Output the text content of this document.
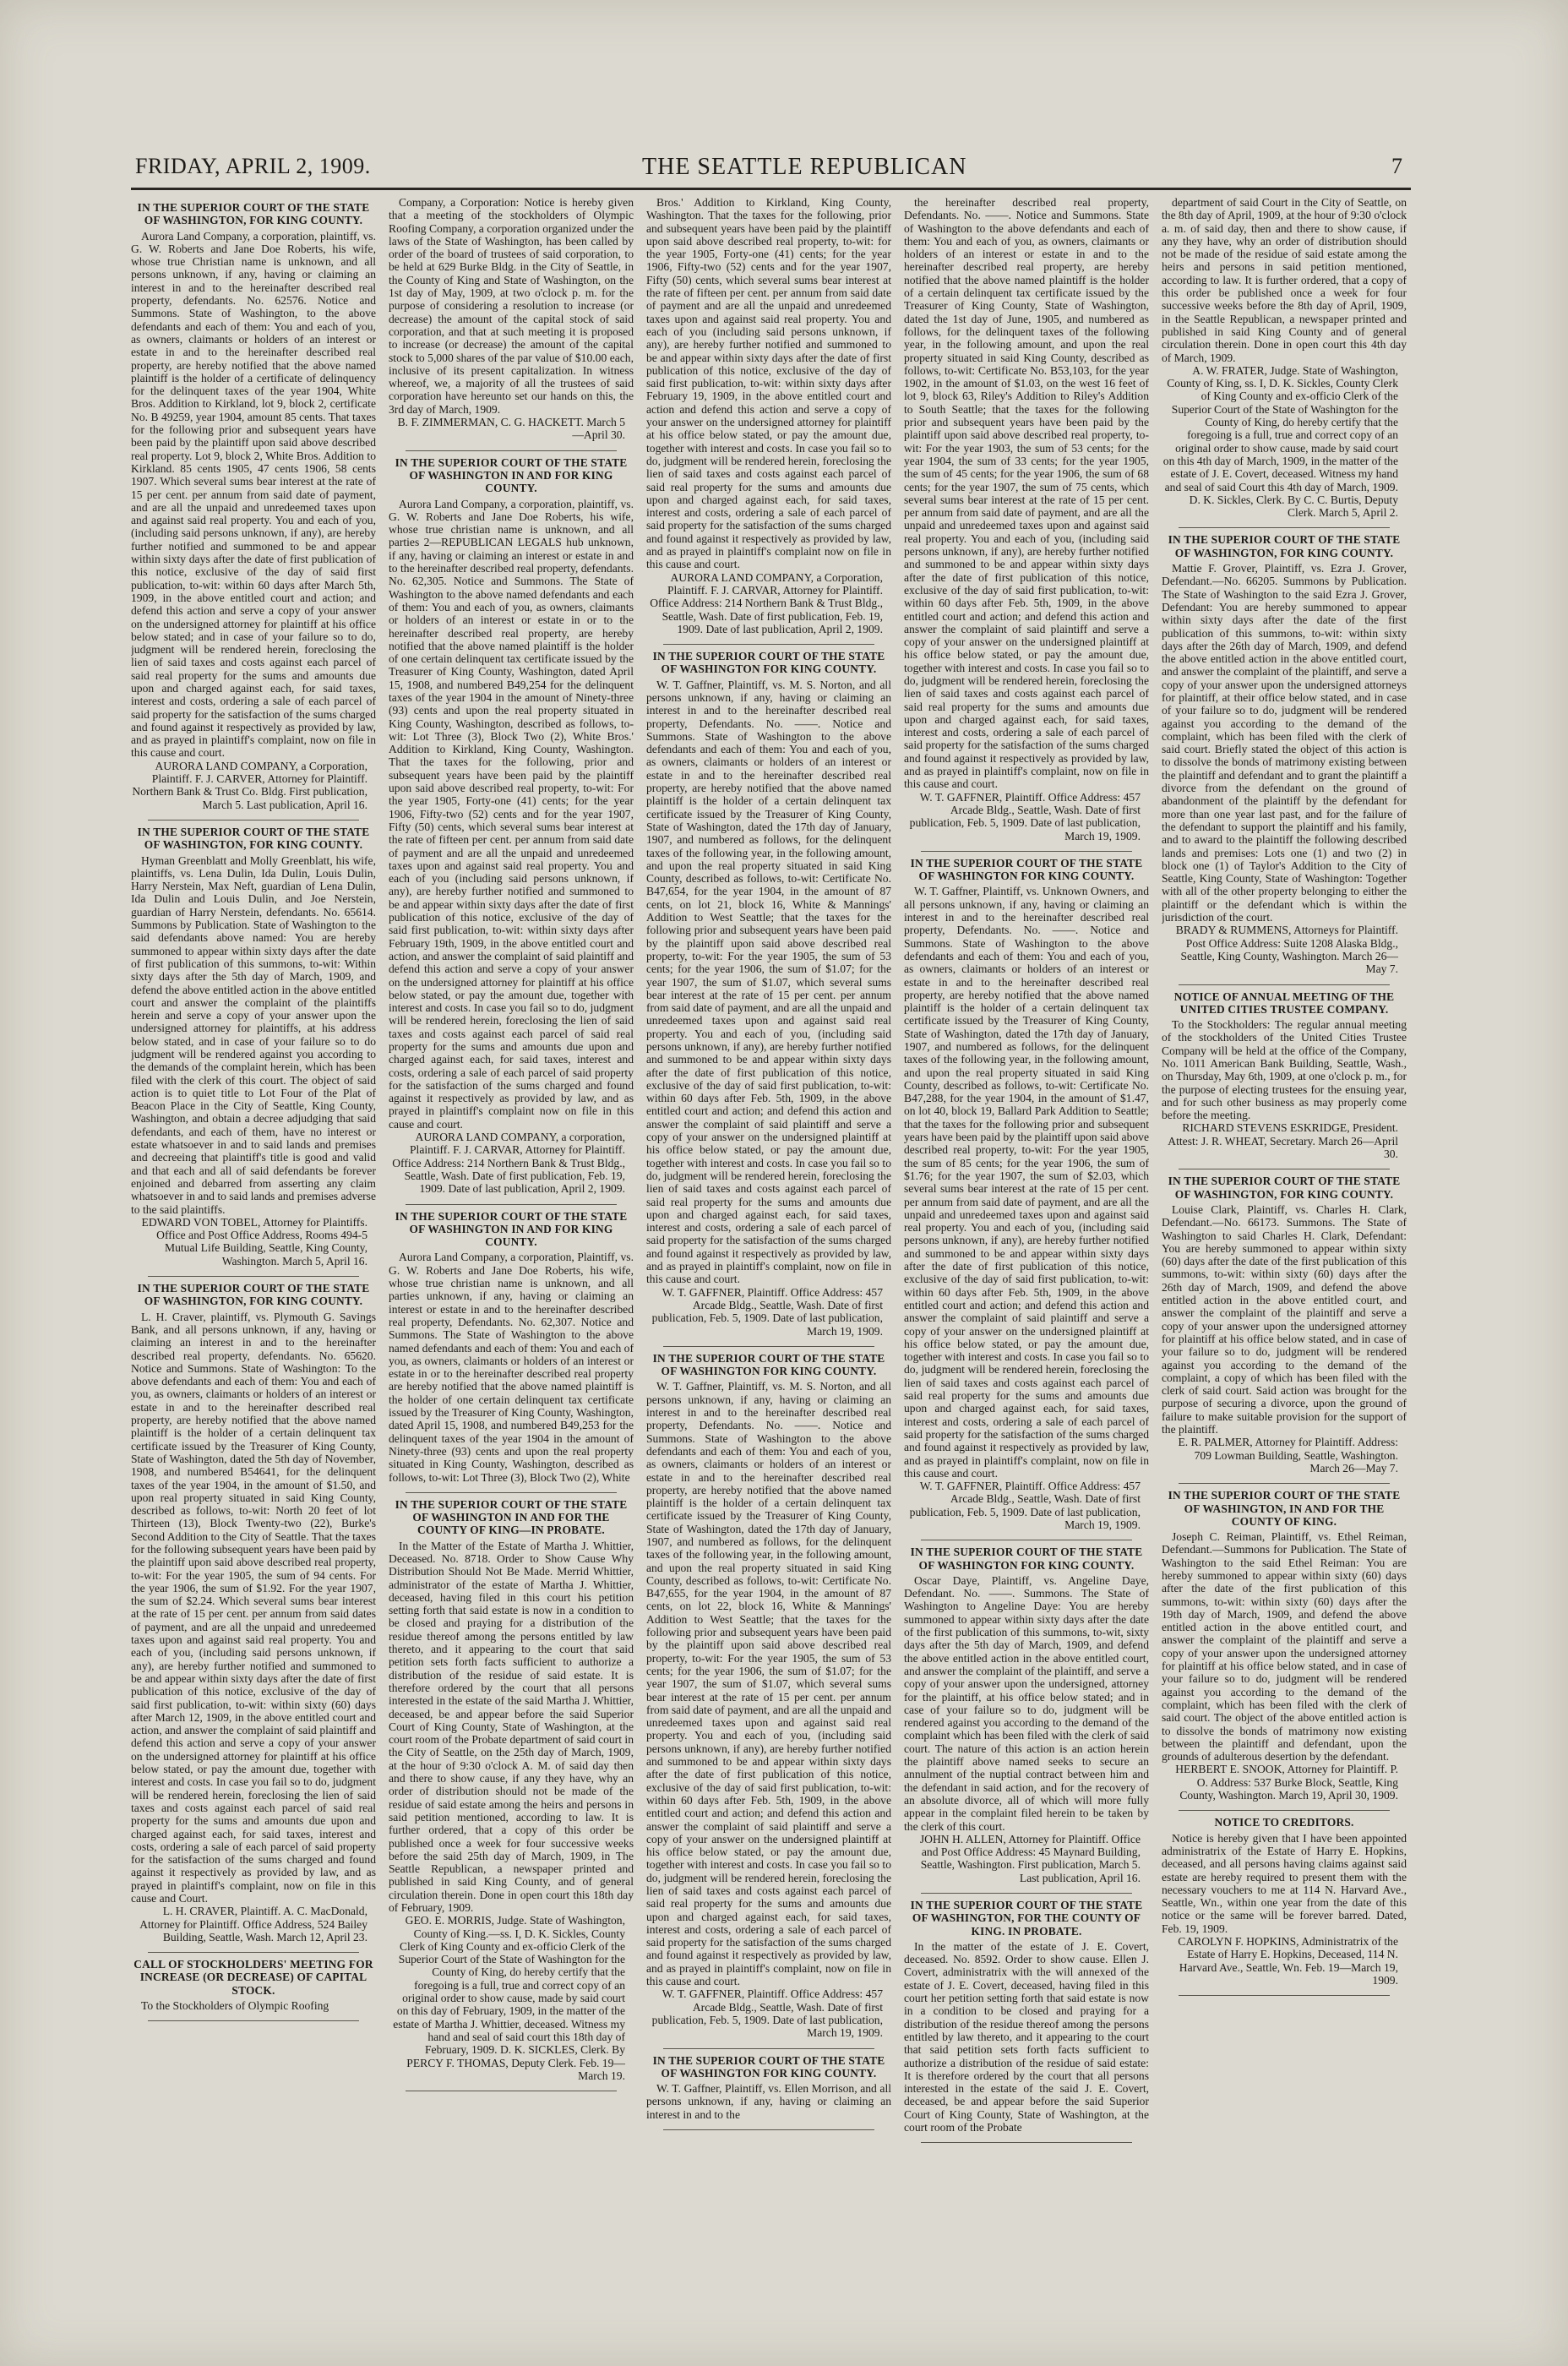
FRIDAY, APRIL 2, 1909.	THE SEATTLE REPUBLICAN	7
IN THE SUPERIOR COURT OF THE STATE OF WASHINGTON, FOR KING COUNTY.
Aurora Land Company, a corporation, plaintiff, vs. G. W. Roberts and Jane Doe Roberts, his wife, whose true Christian name is unknown, and all persons unknown, if any, having or claiming an interest in and to the hereinafter described real property, defendants. No. 62576. Notice and Summons. State of Washington, to the above defendants and each of them: You and each of you, as owners, claimants or holders of an interest or estate in and to the hereinafter described real property, are hereby notified that the above named plaintiff is the holder of a certificate of delinquency for the delinquent taxes of the year 1904, White Bros. Addition to Kirkland, lot 9, block 2, certificate No. B 49259, year 1904, amount 85 cents. That taxes for the following prior and subsequent years have been paid by the plaintiff upon said above described real property. Lot 9, block 2, White Bros. Addition to Kirkland. 85 cents 1905, 47 cents 1906, 58 cents 1907. Which several sums bear interest at the rate of 15 per cent. per annum from said date of payment, and are all the unpaid and unredeemed taxes upon and against said real property. You and each of you, (including said persons unknown, if any), are hereby further notified and summoned to be and appear within sixty days after the date of first publication of this notice, exclusive of the day of said first publication, to-wit: within 60 days after March 5th, 1909, in the above entitled court and action; and defend this action and serve a copy of your answer on the undersigned attorney for plaintiff at his office below stated; and in case of your failure so to do, judgment will be rendered herein, foreclosing the lien of said taxes and costs against each parcel of said real property for the sums and amounts due upon and charged against each, for said taxes, interest and costs, ordering a sale of each parcel of said property for the satisfaction of the sums charged and found against it respectively as provided by law, and as prayed in plaintiff's complaint, now on file in this cause and court.
AURORA LAND COMPANY, a Corporation, Plaintiff. F. J. CARVER, Attorney for Plaintiff. Northern Bank & Trust Co. Bldg. First publication, March 5. Last publication, April 16.
IN THE SUPERIOR COURT OF THE STATE OF WASHINGTON, FOR KING COUNTY.
Hyman Greenblatt and Molly Greenblatt, his wife, plaintiffs, vs. Lena Dulin, Ida Dulin, Louis Dulin, Harry Nerstein, Max Neft, guardian of Lena Dulin, Ida Dulin and Louis Dulin, and Joe Nerstein, guardian of Harry Nerstein, defendants. No. 65614. Summons by Publication. State of Washington to the said defendants above named: You are hereby summoned to appear within sixty days after the date of first publication of this summons, to-wit: Within sixty days after the 5th day of March, 1909, and defend the above entitled action in the above entitled court and answer the complaint of the plaintiffs herein and serve a copy of your answer upon the undersigned attorney for plaintiffs, at his address below stated, and in case of your failure so to do judgment will be rendered against you according to the demands of the complaint herein, which has been filed with the clerk of this court. The object of said action is to quiet title to Lot Four of the Plat of Beacon Place in the City of Seattle, King County, Washington, and obtain a decree adjudging that said defendants, and each of them, have no interest or estate whatsoever in and to said lands and premises and decreeing that plaintiff's title is good and valid and that each and all of said defendants be forever enjoined and debarred from asserting any claim whatsoever in and to said lands and premises adverse to the said plaintiffs.
EDWARD VON TOBEL, Attorney for Plaintiffs. Office and Post Office Address, Rooms 494-5 Mutual Life Building, Seattle, King County, Washington. March 5, April 16.
IN THE SUPERIOR COURT OF THE STATE OF WASHINGTON, FOR KING COUNTY.
L. H. Craver, plaintiff, vs. Plymouth G. Savings Bank, and all persons unknown, if any, having or claiming an interest in and to the hereinafter described real property, defendants. No. 65620. Notice and Summons. State of Washington: To the above defendants and each of them: You and each of you, as owners, claimants or holders of an interest or estate in and to the hereinafter described real property, are hereby notified that the above named plaintiff is the holder of a certain delinquent tax certificate issued by the Treasurer of King County, State of Washington, dated the 5th day of November, 1908, and numbered B54641, for the delinquent taxes of the year 1904, in the amount of $1.50, and upon real property situated in said King County, described as follows, to-wit: North 20 feet of lot Thirteen (13), Block Twenty-two (22), Burke's Second Addition to the City of Seattle. That the taxes for the following subsequent years have been paid by the plaintiff upon said above described real property, to-wit: For the year 1905, the sum of 94 cents. For the year 1906, the sum of $1.92. For the year 1907, the sum of $2.24. Which several sums bear interest at the rate of 15 per cent. per annum from said dates of payment, and are all the unpaid and unredeemed taxes upon and against said real property. You and each of you, (including said persons unknown, if any), are hereby further notified and summoned to be and appear within sixty days after the date of first publication of this notice, exclusive of the day of said first publication, to-wit: within sixty (60) days after March 12, 1909, in the above entitled court and action, and answer the complaint of said plaintiff and defend this action and serve a copy of your answer on the undersigned attorney for plaintiff at his office below stated, or pay the amount due, together with interest and costs. In case you fail so to do, judgment will be rendered herein, foreclosing the lien of said taxes and costs against each parcel of said real property for the sums and amounts due upon and charged against each, for said taxes, interest and costs, ordering a sale of each parcel of said property for the satisfaction of the sums charged and found against it respectively as provided by law, and as prayed in plaintiff's complaint, now on file in this cause and Court.
L. H. CRAVER, Plaintiff. A. C. MacDonald, Attorney for Plaintiff. Office Address, 524 Bailey Building, Seattle, Wash. March 12, April 23.
CALL OF STOCKHOLDERS' MEETING FOR INCREASE (OR DECREASE) OF CAPITAL STOCK.
To the Stockholders of Olympic Roofing
Company, a Corporation: Notice is hereby given that a meeting of the stockholders of Olympic Roofing Company, a corporation organized under the laws of the State of Washington, has been called by order of the board of trustees of said corporation, to be held at 629 Burke Bldg. in the City of Seattle, in the County of King and State of Washington, on the 1st day of May, 1909, at two o'clock p. m. for the purpose of considering a resolution to increase (or decrease) the amount of the capital stock of said corporation, and that at such meeting it is proposed to increase (or decrease) the amount of the capital stock to 5,000 shares of the par value of $10.00 each, inclusive of its present capitalization. In witness whereof, we, a majority of all the trustees of said corporation have hereunto set our hands on this, the 3rd day of March, 1909.
B. F. ZIMMERMAN, C. G. HACKETT. March 5—April 30.
IN THE SUPERIOR COURT OF THE STATE OF WASHINGTON IN AND FOR KING COUNTY.
Aurora Land Company, a corporation, plaintiff, vs. G. W. Roberts and Jane Doe Roberts, his wife, whose true christian name is unknown, and all parties 2—REPUBLICAN LEGALS hub unknown, if any, having or claiming an interest or estate in and to the hereinafter described real property, defendants. No. 62,305. Notice and Summons. The State of Washington to the above named defendants and each of them: You and each of you, as owners, claimants or holders of an interest or estate in or to the hereinafter described real property, are hereby notified that the above named plaintiff is the holder of one certain delinquent tax certificate issued by the Treasurer of King County, Washington, dated April 15, 1908, and numbered B49,254 for the delinquent taxes of the year 1904 in the amount of Ninety-three (93) cents and upon the real property situated in King County, Washington, described as follows, to-wit: Lot Three (3), Block Two (2), White Bros.' Addition to Kirkland, King County, Washington. That the taxes for the following, prior and subsequent years have been paid by the plaintiff upon said above described real property, to-wit: For the year 1905, Forty-one (41) cents; for the year 1906, Fifty-two (52) cents and for the year 1907, Fifty (50) cents, which several sums bear interest at the rate of fifteen per cent. per annum from said date of payment and are all the unpaid and unredeemed taxes upon and against said real property. You and each of you (including said persons unknown, if any), are hereby further notified and summoned to be and appear within sixty days after the date of first publication of this notice, exclusive of the day of said first publication, to-wit: within sixty days after February 19th, 1909, in the above entitled court and action, and answer the complaint of said plaintiff and defend this action and serve a copy of your answer on the undersigned attorney for plaintiff at his office below stated, or pay the amount due, together with interest and costs. In case you fail so to do, judgment will be rendered herein, foreclosing the lien of said taxes and costs against each parcel of said real property for the sums and amounts due upon and charged against each, for said taxes, interest and costs, ordering a sale of each parcel of said property for the satisfaction of the sums charged and found against it respectively as provided by law, and as prayed in plaintiff's complaint now on file in this cause and court.
AURORA LAND COMPANY, a corporation, Plaintiff. F. J. CARVAR, Attorney for Plaintiff. Office Address: 214 Northern Bank & Trust Bldg., Seattle, Wash. Date of first publication, Feb. 19, 1909. Date of last publication, April 2, 1909.
IN THE SUPERIOR COURT OF THE STATE OF WASHINGTON IN AND FOR KING COUNTY.
Aurora Land Company, a corporation, Plaintiff, vs. G. W. Roberts and Jane Doe Roberts, his wife, whose true christian name is unknown, and all parties unknown, if any, having or claiming an interest or estate in and to the hereinafter described real property, Defendants. No. 62,307. Notice and Summons. The State of Washington to the above named defendants and each of them: You and each of you, as owners, claimants or holders of an interest or estate in or to the hereinafter described real property are hereby notified that the above named plaintiff is the holder of one certain delinquent tax certificate issued by the Treasurer of King County, Washington, dated April 15, 1908, and numbered B49,253 for the delinquent taxes of the year 1904 in the amount of Ninety-three (93) cents and upon the real property situated in King County, Washington, described as follows, to-wit: Lot Three (3), Block Two (2), White
IN THE SUPERIOR COURT OF THE STATE OF WASHINGTON IN AND FOR THE COUNTY OF KING—IN PROBATE.
In the Matter of the Estate of Martha J. Whittier, Deceased. No. 8718. Order to Show Cause Why Distribution Should Not Be Made. Merrid Whittier, administrator of the estate of Martha J. Whittier, deceased, having filed in this court his petition setting forth that said estate is now in a condition to be closed and praying for a distribution of the residue thereof among the persons entitled by law thereto, and it appearing to the court that said petition sets forth facts sufficient to authorize a distribution of the residue of said estate. It is therefore ordered by the court that all persons interested in the estate of the said Martha J. Whittier, deceased, be and appear before the said Superior Court of King County, State of Washington, at the court room of the Probate department of said court in the City of Seattle, on the 25th day of March, 1909, at the hour of 9:30 o'clock A. M. of said day then and there to show cause, if any they have, why an order of distribution should not be made of the residue of said estate among the heirs and persons in said petition mentioned, according to law. It is further ordered, that a copy of this order be published once a week for four successive weeks before the said 25th day of March, 1909, in The Seattle Republican, a newspaper printed and published in said King County, and of general circulation therein. Done in open court this 18th day of February, 1909.
GEO. E. MORRIS, Judge. State of Washington, County of King.—ss. I, D. K. Sickles, County Clerk of King County and ex-officio Clerk of the Superior Court of the State of Washington for the County of King, do hereby certify that the foregoing is a full, true and correct copy of an original order to show cause, made by said court on this day of February, 1909, in the matter of the estate of Martha J. Whittier, deceased. Witness my hand and seal of said court this 18th day of February, 1909. D. K. SICKLES, Clerk. By PERCY F. THOMAS, Deputy Clerk. Feb. 19—March 19.
Bros.' Addition to Kirkland, King County, Washington. That the taxes for the following, prior and subsequent years have been paid by the plaintiff upon said above described real property, to-wit: for the year 1905, Forty-one (41) cents; for the year 1906, Fifty-two (52) cents and for the year 1907, Fifty (50) cents, which several sums bear interest at the rate of fifteen per cent. per annum from said date of payment and are all the unpaid and unredeemed taxes upon and against said real property. You and each of you (including said persons unknown, if any), are hereby further notified and summoned to be and appear within sixty days after the date of first publication of this notice, exclusive of the day of said first publication, to-wit: within sixty days after February 19, 1909, in the above entitled court and action and defend this action and serve a copy of your answer on the undersigned attorney for plaintiff at his office below stated, or pay the amount due, together with interest and costs. In case you fail so to do, judgment will be rendered herein, foreclosing the lien of said taxes and costs against each parcel of said real property for the sums and amounts due upon and charged against each, for said taxes, interest and costs, ordering a sale of each parcel of said property for the satisfaction of the sums charged and found against it respectively as provided by law, and as prayed in plaintiff's complaint now on file in this cause and court.
AURORA LAND COMPANY, a Corporation, Plaintiff. F. J. CARVAR, Attorney for Plaintiff. Office Address: 214 Northern Bank & Trust Bldg., Seattle, Wash. Date of first publication, Feb. 19, 1909. Date of last publication, April 2, 1909.
IN THE SUPERIOR COURT OF THE STATE OF WASHINGTON FOR KING COUNTY.
W. T. Gaffner, Plaintiff, vs. M. S. Norton, and all persons unknown, if any, having or claiming an interest in and to the hereinafter described real property, Defendants. No. ——. Notice and Summons. State of Washington to the above defendants and each of them: You and each of you, as owners, claimants or holders of an interest or estate in and to the hereinafter described real property, are hereby notified that the above named plaintiff is the holder of a certain delinquent tax certificate issued by the Treasurer of King County, State of Washington, dated the 17th day of January, 1907, and numbered as follows, for the delinquent taxes of the following year, in the following amount, and upon the real property situated in said King County, described as follows, to-wit: Certificate No. B47,654, for the year 1904, in the amount of 87 cents, on lot 21, block 16, White & Mannings' Addition to West Seattle; that the taxes for the following prior and subsequent years have been paid by the plaintiff upon said above described real property, to-wit: For the year 1905, the sum of 53 cents; for the year 1906, the sum of $1.07; for the year 1907, the sum of $1.07, which several sums bear interest at the rate of 15 per cent. per annum from said date of payment, and are all the unpaid and unredeemed taxes upon and against said real property. You and each of you, (including said persons unknown, if any), are hereby further notified and summoned to be and appear within sixty days after the date of first publication of this notice, exclusive of the day of said first publication, to-wit: within 60 days after Feb. 5th, 1909, in the above entitled court and action; and defend this action and answer the complaint of said plaintiff and serve a copy of your answer on the undersigned plaintiff at his office below stated, or pay the amount due, together with interest and costs. In case you fail so to do, judgment will be rendered herein, foreclosing the lien of said taxes and costs against each parcel of said real property for the sums and amounts due upon and charged against each, for said taxes, interest and costs, ordering a sale of each parcel of said property for the satisfaction of the sums charged and found against it respectively as provided by law, and as prayed in plaintiff's complaint, now on file in this cause and court.
W. T. GAFFNER, Plaintiff. Office Address: 457 Arcade Bldg., Seattle, Wash. Date of first publication, Feb. 5, 1909. Date of last publication, March 19, 1909.
IN THE SUPERIOR COURT OF THE STATE OF WASHINGTON FOR KING COUNTY.
W. T. Gaffner, Plaintiff, vs. M. S. Norton, and all persons unknown, if any, having or claiming an interest in and to the hereinafter described real property, Defendants. No. ——. Notice and Summons. State of Washington to the above defendants and each of them: You and each of you, as owners, claimants or holders of an interest or estate in and to the hereinafter described real property, are hereby notified that the above named plaintiff is the holder of a certain delinquent tax certificate issued by the Treasurer of King County, State of Washington, dated the 17th day of January, 1907, and numbered as follows, for the delinquent taxes of the following year, in the following amount, and upon the real property situated in said King County, described as follows, to-wit: Certificate No. B47,655, for the year 1904, in the amount of 87 cents, on lot 22, block 16, White & Mannings' Addition to West Seattle; that the taxes for the following prior and subsequent years have been paid by the plaintiff upon said above described real property, to-wit: For the year 1905, the sum of 53 cents; for the year 1906, the sum of $1.07; for the year 1907, the sum of $1.07, which several sums bear interest at the rate of 15 per cent. per annum from said date of payment, and are all the unpaid and unredeemed taxes upon and against said real property. You and each of you, (including said persons unknown, if any), are hereby further notified and summoned to be and appear within sixty days after the date of first publication of this notice, exclusive of the day of said first publication, to-wit: within 60 days after Feb. 5th, 1909, in the above entitled court and action; and defend this action and answer the complaint of said plaintiff and serve a copy of your answer on the undersigned plaintiff at his office below stated, or pay the amount due, together with interest and costs. In case you fail so to do, judgment will be rendered herein, foreclosing the lien of said taxes and costs against each parcel of said real property for the sums and amounts due upon and charged against each, for said taxes, interest and costs, ordering a sale of each parcel of said property for the satisfaction of the sums charged and found against it respectively as provided by law, and as prayed in plaintiff's complaint, now on file in this cause and court.
W. T. GAFFNER, Plaintiff. Office Address: 457 Arcade Bldg., Seattle, Wash. Date of first publication, Feb. 5, 1909. Date of last publication, March 19, 1909.
IN THE SUPERIOR COURT OF THE STATE OF WASHINGTON FOR KING COUNTY.
W. T. Gaffner, Plaintiff, vs. Ellen Morrison, and all persons unknown, if any, having or claiming an interest in and to the
the hereinafter described real property, Defendants. No. ——. Notice and Summons. State of Washington to the above defendants and each of them: You and each of you, as owners, claimants or holders of an interest or estate in and to the hereinafter described real property, are hereby notified that the above named plaintiff is the holder of a certain delinquent tax certificate issued by the Treasurer of King County, State of Washington, dated the 1st day of June, 1905, and numbered as follows, for the delinquent taxes of the following year, in the following amount, and upon the real property situated in said King County, described as follows, to-wit: Certificate No. B53,103, for the year 1902, in the amount of $1.03, on the west 16 feet of lot 9, block 63, Riley's Addition to Riley's Addition to South Seattle; that the taxes for the following prior and subsequent years have been paid by the plaintiff upon said above described real property, to-wit: For the year 1903, the sum of 53 cents; for the year 1904, the sum of 33 cents; for the year 1905, the sum of 45 cents; for the year 1906, the sum of 68 cents; for the year 1907, the sum of 75 cents, which several sums bear interest at the rate of 15 per cent. per annum from said date of payment, and are all the unpaid and unredeemed taxes upon and against said real property. You and each of you, (including said persons unknown, if any), are hereby further notified and summoned to be and appear within sixty days after the date of first publication of this notice, exclusive of the day of said first publication, to-wit: within 60 days after Feb. 5th, 1909, in the above entitled court and action; and defend this action and answer the complaint of said plaintiff and serve a copy of your answer on the undersigned plaintiff at his office below stated, or pay the amount due, together with interest and costs. In case you fail so to do, judgment will be rendered herein, foreclosing the lien of said taxes and costs against each parcel of said real property for the sums and amounts due upon and charged against each, for said taxes, interest and costs, ordering a sale of each parcel of said property for the satisfaction of the sums charged and found against it respectively as provided by law, and as prayed in plaintiff's complaint, now on file in this cause and court.
W. T. GAFFNER, Plaintiff. Office Address: 457 Arcade Bldg., Seattle, Wash. Date of first publication, Feb. 5, 1909. Date of last publication, March 19, 1909.
IN THE SUPERIOR COURT OF THE STATE OF WASHINGTON FOR KING COUNTY.
W. T. Gaffner, Plaintiff, vs. Unknown Owners, and all persons unknown, if any, having or claiming an interest in and to the hereinafter described real property, Defendants. No. ——. Notice and Summons. State of Washington to the above defendants and each of them: You and each of you, as owners, claimants or holders of an interest or estate in and to the hereinafter described real property, are hereby notified that the above named plaintiff is the holder of a certain delinquent tax certificate issued by the Treasurer of King County, State of Washington, dated the 17th day of January, 1907, and numbered as follows, for the delinquent taxes of the following year, in the following amount, and upon the real property situated in said King County, described as follows, to-wit: Certificate No. B47,288, for the year 1904, in the amount of $1.47, on lot 40, block 19, Ballard Park Addition to Seattle; that the taxes for the following prior and subsequent years have been paid by the plaintiff upon said above described real property, to-wit: For the year 1905, the sum of 85 cents; for the year 1906, the sum of $1.76; for the year 1907, the sum of $2.03, which several sums bear interest at the rate of 15 per cent. per annum from said date of payment, and are all the unpaid and unredeemed taxes upon and against said real property. You and each of you, (including said persons unknown, if any), are hereby further notified and summoned to be and appear within sixty days after the date of first publication of this notice, exclusive of the day of said first publication, to-wit: within 60 days after Feb. 5th, 1909, in the above entitled court and action; and defend this action and answer the complaint of said plaintiff and serve a copy of your answer on the undersigned plaintiff at his office below stated, or pay the amount due, together with interest and costs. In case you fail so to do, judgment will be rendered herein, foreclosing the lien of said taxes and costs against each parcel of said real property for the sums and amounts due upon and charged against each, for said taxes, interest and costs, ordering a sale of each parcel of said property for the satisfaction of the sums charged and found against it respectively as provided by law, and as prayed in plaintiff's complaint, now on file in this cause and court.
W. T. GAFFNER, Plaintiff. Office Address: 457 Arcade Bldg., Seattle, Wash. Date of first publication, Feb. 5, 1909. Date of last publication, March 19, 1909.
IN THE SUPERIOR COURT OF THE STATE OF WASHINGTON FOR KING COUNTY.
Oscar Daye, Plaintiff, vs. Angeline Daye, Defendant. No. ——. Summons. The State of Washington to Angeline Daye: You are hereby summoned to appear within sixty days after the date of the first publication of this summons, to-wit, sixty days after the 5th day of March, 1909, and defend the above entitled action in the above entitled court, and answer the complaint of the plaintiff, and serve a copy of your answer upon the undersigned, attorney for the plaintiff, at his office below stated; and in case of your failure so to do, judgment will be rendered against you according to the demand of the complaint which has been filed with the clerk of said court. The nature of this action is an action herein the plaintiff above named seeks to secure an annulment of the nuptial contract between him and the defendant in said action, and for the recovery of an absolute divorce, all of which will more fully appear in the complaint filed herein to be taken by the clerk of this court.
JOHN H. ALLEN, Attorney for Plaintiff. Office and Post Office Address: 45 Maynard Building, Seattle, Washington. First publication, March 5. Last publication, April 16.
IN THE SUPERIOR COURT OF THE STATE OF WASHINGTON, FOR THE COUNTY OF KING. IN PROBATE.
In the matter of the estate of J. E. Covert, deceased. No. 8592. Order to show cause. Ellen J. Covert, administratrix with the will annexed of the estate of J. E. Covert, deceased, having filed in this court her petition setting forth that said estate is now in a condition to be closed and praying for a distribution of the residue thereof among the persons entitled by law thereto, and it appearing to the court that said petition sets forth facts sufficient to authorize a distribution of the residue of said estate: It is therefore ordered by the court that all persons interested in the estate of the said J. E. Covert, deceased, be and appear before the said Superior Court of King County, State of Washington, at the court room of the Probate
department of said Court in the City of Seattle, on the 8th day of April, 1909, at the hour of 9:30 o'clock a. m. of said day, then and there to show cause, if any they have, why an order of distribution should not be made of the residue of said estate among the heirs and persons in said petition mentioned, according to law. It is further ordered, that a copy of this order be published once a week for four successive weeks before the 8th day of April, 1909, in the Seattle Republican, a newspaper printed and published in said King County and of general circulation therein. Done in open court this 4th day of March, 1909.
A. W. FRATER, Judge. State of Washington, County of King, ss. I, D. K. Sickles, County Clerk of King County and ex-officio Clerk of the Superior Court of the State of Washington for the County of King, do hereby certify that the foregoing is a full, true and correct copy of an original order to show cause, made by said court on this 4th day of March, 1909, in the matter of the estate of J. E. Covert, deceased. Witness my hand and seal of said Court this 4th day of March, 1909. D. K. Sickles, Clerk. By C. C. Burtis, Deputy Clerk. March 5, April 2.
IN THE SUPERIOR COURT OF THE STATE OF WASHINGTON, FOR KING COUNTY.
Mattie F. Grover, Plaintiff, vs. Ezra J. Grover, Defendant.—No. 66205. Summons by Publication. The State of Washington to the said Ezra J. Grover, Defendant: You are hereby summoned to appear within sixty days after the date of the first publication of this summons, to-wit: within sixty days after the 26th day of March, 1909, and defend the above entitled action in the above entitled court, and answer the complaint of the plaintiff, and serve a copy of your answer upon the undersigned attorneys for plaintiff, at their office below stated, and in case of your failure so to do, judgment will be rendered against you according to the demand of the complaint, which has been filed with the clerk of said court. Briefly stated the object of this action is to dissolve the bonds of matrimony existing between the plaintiff and defendant and to grant the plaintiff a divorce from the defendant on the ground of abandonment of the plaintiff by the defendant for more than one year last past, and for the failure of the defendant to support the plaintiff and his family, and to award to the plaintiff the following described lands and premises: Lots one (1) and two (2) in block one (1) of Taylor's Addition to the City of Seattle, King County, State of Washington: Together with all of the other property belonging to either the plaintiff or the defendant which is within the jurisdiction of the court.
BRADY & RUMMENS, Attorneys for Plaintiff. Post Office Address: Suite 1208 Alaska Bldg., Seattle, King County, Washington. March 26—May 7.
NOTICE OF ANNUAL MEETING OF THE UNITED CITIES TRUSTEE COMPANY.
To the Stockholders: The regular annual meeting of the stockholders of the United Cities Trustee Company will be held at the office of the Company, No. 1011 American Bank Building, Seattle, Wash., on Thursday, May 6th, 1909, at one o'clock p. m., for the purpose of electing trustees for the ensuing year, and for such other business as may properly come before the meeting.
RICHARD STEVENS ESKRIDGE, President. Attest: J. R. WHEAT, Secretary. March 26—April 30.
IN THE SUPERIOR COURT OF THE STATE OF WASHINGTON, FOR KING COUNTY.
Louise Clark, Plaintiff, vs. Charles H. Clark, Defendant.—No. 66173. Summons. The State of Washington to said Charles H. Clark, Defendant: You are hereby summoned to appear within sixty (60) days after the date of the first publication of this summons, to-wit: within sixty (60) days after the 26th day of March, 1909, and defend the above entitled action in the above entitled court, and answer the complaint of the plaintiff and serve a copy of your answer upon the undersigned attorney for plaintiff at his office below stated, and in case of your failure so to do, judgment will be rendered against you according to the demand of the complaint, a copy of which has been filed with the clerk of said court. Said action was brought for the purpose of securing a divorce, upon the ground of failure to make suitable provision for the support of the plaintiff.
E. R. PALMER, Attorney for Plaintiff. Address: 709 Lowman Building, Seattle, Washington. March 26—May 7.
IN THE SUPERIOR COURT OF THE STATE OF WASHINGTON, IN AND FOR THE COUNTY OF KING.
Joseph C. Reiman, Plaintiff, vs. Ethel Reiman, Defendant.—Summons for Publication. The State of Washington to the said Ethel Reiman: You are hereby summoned to appear within sixty (60) days after the date of the first publication of this summons, to-wit: within sixty (60) days after the 19th day of March, 1909, and defend the above entitled action in the above entitled court, and answer the complaint of the plaintiff and serve a copy of your answer upon the undersigned attorney for plaintiff at his office below stated, and in case of your failure so to do, judgment will be rendered against you according to the demand of the complaint, which has been filed with the clerk of said court. The object of the above entitled action is to dissolve the bonds of matrimony now existing between the plaintiff and defendant, upon the grounds of adulterous desertion by the defendant.
HERBERT E. SNOOK, Attorney for Plaintiff. P. O. Address: 537 Burke Block, Seattle, King County, Washington. March 19, April 30, 1909.
NOTICE TO CREDITORS.
Notice is hereby given that I have been appointed administratrix of the Estate of Harry E. Hopkins, deceased, and all persons having claims against said estate are hereby required to present them with the necessary vouchers to me at 114 N. Harvard Ave., Seattle, Wn., within one year from the date of this notice or the same will be forever barred. Dated, Feb. 19, 1909.
CAROLYN F. HOPKINS, Administratrix of the Estate of Harry E. Hopkins, Deceased, 114 N. Harvard Ave., Seattle, Wn. Feb. 19—March 19, 1909.
